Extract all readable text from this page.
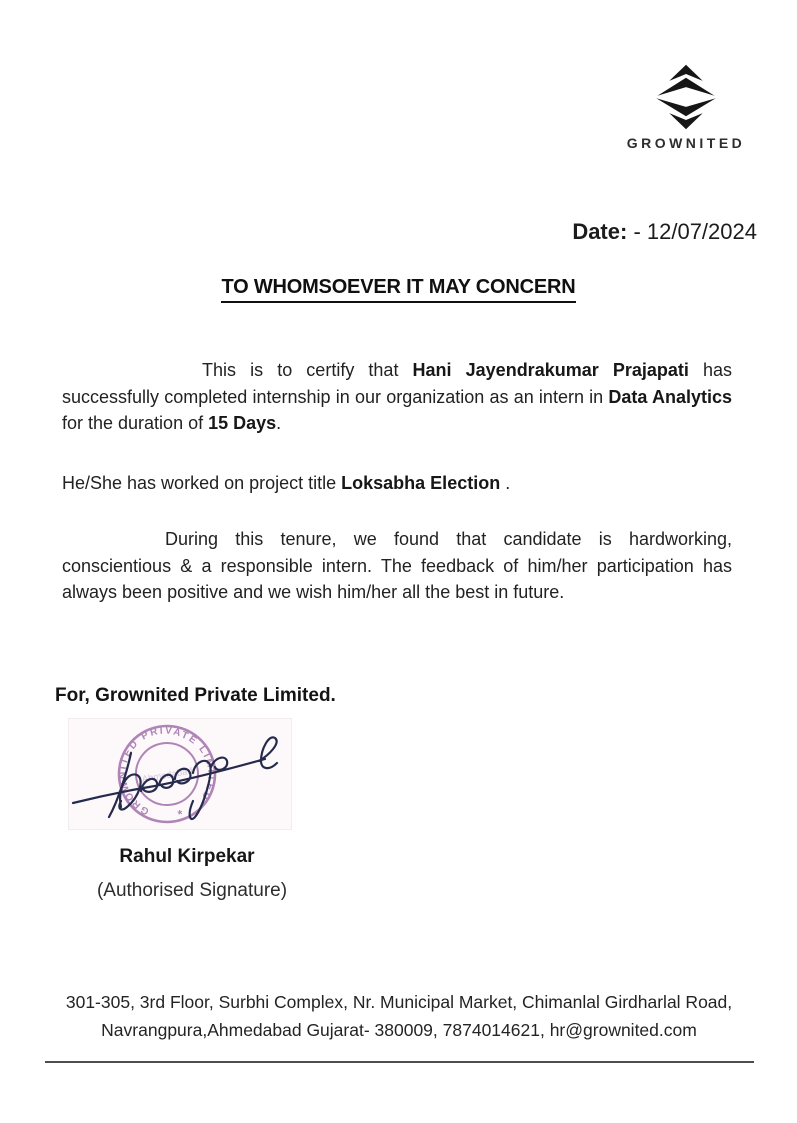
GROWNITED
Date: - 12/07/2024
TO WHOMSOEVER IT MAY CONCERN

This is to certify that Hani Jayendrakumar Prajapati has successfully completed internship in our organization as an intern in Data Analytics for the duration of 15 Days.

He/She has worked on project title Loksabha Election .

During this tenure, we found that candidate is hardworking, conscientious & a responsible intern. The feedback of him/her participation has always been positive and we wish him/her all the best in future.

For, Grownited Private Limited.
GROWNITED PRIVATE LIMITED
*
Ahmedabad
Rahul Kirpekar
(Authorised Signature)
301-305, 3rd Floor, Surbhi Complex, Nr. Municipal Market, Chimanlal Girdharlal Road, Navrangpura,Ahmedabad Gujarat- 380009, 7874014621, hr@grownited.com
